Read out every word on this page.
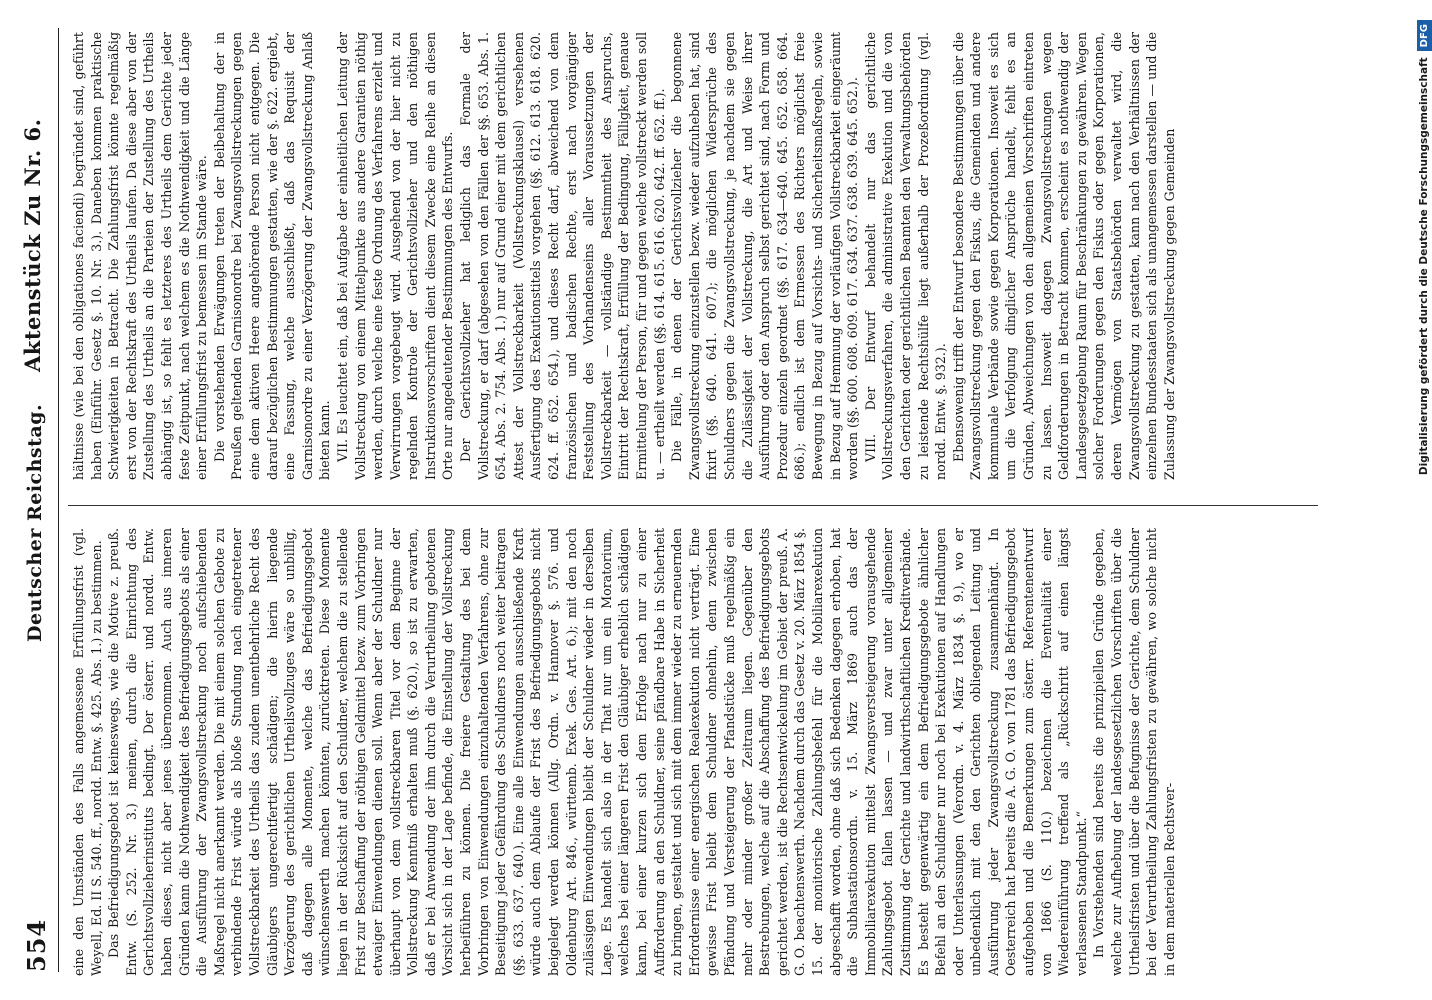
554
Deutscher Reichstag.
Aktenstück Zu Nr. 6.

eine den Umständen des Falls angemessene Erfüllungsfrist (vgl. Weyell, Ed. II S. 540. ff., nordd. Entw. §. 425. Abs. 1.) zu bestimmen. Das Befriedigungsgebot ist keineswegs, wie die Motive z. preuß. Entw. (S. 252. Nr. 3.) meinen, durch die Einrichtung des Gerichtsvollzieherinstituts bedingt. Der österr. und nordd. Entw. haben dieses, nicht aber jenes übernommen. Auch aus inneren Gründen kann die Nothwendigkeit des Befriedigungsgebots als einer die Ausführung der Zwangsvollstreckung noch aufschiebenden Maßregel nicht anerkannt werden. Die mit einem solchen Gebote zu verbindende Frist würde als bloße Stundung nach eingetretener Vollstreckbarkeit des Urtheils das zudem unentbehrliche Recht des Gläubigers ungerechtfertigt schädigen; die hierin liegende Verzögerung des gerichtlichen Urtheilsvollzuges wäre so unbillig, daß dagegen alle Momente, welche das Befriedigungsgebot wünschenswerth machen könnten, zurücktreten. Diese Momente liegen in der Rücksicht auf den Schuldner, welchem die zu stellende Frist zur Beschaffung der nöthigen Geldmittel bezw. zum Vorbringen etwaiger Einwendungen dienen soll. Wenn aber der Schuldner nur überhaupt von dem vollstreckbaren Titel vor dem Beginne der Vollstreckung Kenntniß erhalten muß (§. 620.), so ist zu erwarten, daß er bei Anwendung der ihm durch die Verurtheilung gebotenen Vorsicht sich in der Lage befinde, die Einstellung der Vollstreckung herbeiführen zu können. Die freiere Gestaltung des bei dem Vorbringen von Einwendungen einzuhaltenden Verfahrens, ohne zur Beseitigung jeder Gefährdung des Schuldners noch weiter beitragen (§§. 633. 637. 640.). Eine alle Einwendungen ausschließende Kraft würde auch dem Ablaufe der Frist des Befriedigungsgebots nicht beigelegt werden können (Allg. Ordn. v. Hannover §. 576. und Oldenburg Art. 846., württemb. Exek. Ges. Art. 6.); mit den noch zulässigen Einwendungen bleibt der Schuldner wieder in derselben Lage. Es handelt sich also in der That nur um ein Moratorium, welches bei einer längeren Frist den Gläubiger erheblich schädigen kann, bei einer kurzen sich dem Erfolge nach nur zu einer Aufforderung an den Schuldner, seine pfändbare Habe in Sicherheit zu bringen, gestaltet und sich mit dem immer wieder zu erneuernden Erfordernisse einer energischen Realexekution nicht verträgt. Eine gewisse Frist bleibt dem Schuldner ohnehin, denn zwischen Pfändung und Versteigerung der Pfandstücke muß regelmäßig ein mehr oder minder großer Zeitraum liegen. Gegenüber den Bestrebungen, welche auf die Abschaffung des Befriedigungsgebots gerichtet werden, ist die Rechtsentwickelung im Gebiet der preuß. A. G. O. beachtenswerth. Nachdem durch das Gesetz v. 20. März 1854 §. 15. der monitorische Zahlungsbefehl für die Mobiliarexekution abgeschafft worden, ohne daß sich Bedenken dagegen erhoben, hat die Subhastationsordn. v. 15. März 1869 auch das der Immobiliarexekution mittelst Zwangsversteigerung vorausgehende Zahlungsgebot fallen lassen — und zwar unter allgemeiner Zustimmung der Gerichte und landwirthschaftlichen Kreditverbände. Es besteht gegenwärtig ein dem Befriedigungsgebote ähnlicher Befehl an den Schuldner nur noch bei Exekutionen auf Handlungen oder Unterlassungen (Verordn. v. 4. März 1834 §. 9.), wo er unbedenklich mit den den Gerichten obliegenden Leitung und Ausführung jeder Zwangsvollstreckung zusammenhängt. In Oesterreich hat bereits die A. G. O. von 1781 das Befriedigungsgebot aufgehoben und die Bemerkungen zum österr. Referentenentwurf von 1866 (S. 110.) bezeichnen die Eventualität einer Wiedereinführung treffend als „Rückschritt auf einen längst verlassenen Standpunkt.“ In Vorstehenden sind bereits die prinzipiellen Gründe gegeben, welche zur Aufhebung der landesgesetzlichen Vorschriften über die Urtheilsfristen und über die Befugnisse der Gerichte, dem Schuldner bei der Verurtheilung Zahlungsfristen zu gewähren, wo solche nicht in dem materiellen Rechtsver-

hältnisse (wie bei den obligationes faciendi) begründet sind, geführt haben (Einführ. Gesetz §. 10. Nr. 3.). Daneben kommen praktische Schwierigkeiten in Betracht. Die Zahlungsfrist könnte regelmäßig erst von der Rechtskraft des Urtheils laufen. Da diese aber von der Zustellung des Urtheils an die Parteien der Zustellung des Urtheils abhängig ist, so fehlt es letzteres des Urtheils dem Gerichte jeder feste Zeitpunkt, nach welchem es die Nothwendigkeit und die Länge einer Erfüllungsfrist zu bemessen im Stande wäre. Die vorstehenden Erwägungen treten der Beibehaltung der in Preußen geltenden Garnisonordre bei Zwangsvollstreckungen gegen eine dem aktiven Heere angehörende Person nicht entgegen. Die darauf bezüglichen Bestimmungen gestatten, wie der §. 622. ergiebt, eine Fassung, welche ausschließt, daß das Requisit der Garnisonordre zu einer Verzögerung der Zwangsvollstreckung Anlaß bieten kann. VII. Es leuchtet ein, daß bei Aufgabe der einheitlichen Leitung der Vollstreckung von einem Mittelpunkte aus andere Garantien nöthig werden, durch welche eine feste Ordnung des Verfahrens erzielt und Verwirrungen vorgebeugt wird. Ausgehend von der hier nicht zu regelnden Kontrole der Gerichtsvollzieher und den nöthigen Instruktionsvorschriften dient diesem Zwecke eine Reihe an diesen Orte nur angedeutender Bestimmungen des Entwurfs. Der Gerichtsvollzieher hat lediglich das Formale der Vollstreckung, er darf (abgesehen von den Fällen der §§. 653. Abs. 1. 654. Abs. 2. 754. Abs. 1.) nur auf Grund einer mit dem gerichtlichen Attest der Vollstreckbarkeit (Vollstreckungsklausel) versehenen Ausfertigung des Exekutionstitels vorgehen (§§. 612. 613. 618. 620. 624. ff. 652. 654.), und dieses Recht darf, abweichend von dem französischen und badischen Rechte, erst nach vorgängiger Feststellung des Vorhandenseins aller Voraussetzungen der Vollstreckbarkeit — vollständige Bestimmtheit des Anspruchs, Eintritt der Rechtskraft, Erfüllung der Bedingung, Fälligkeit, genaue Ermittelung der Person, für und gegen welche vollstreckt werden soll u. — ertheilt werden (§§. 614. 615. 616. 620. 642. ff. 652. ff.). Die Fälle, in denen der Gerichtsvollzieher die begonnene Zwangsvollstreckung einzustellen bezw. wieder aufzuheben hat, sind fixirt (§§. 640. 641. 607.); die möglichen Widersprüche des Schuldners gegen die Zwangsvollstreckung, je nachdem sie gegen die Zulässigkeit der Vollstreckung, die Art und Weise ihrer Ausführung oder den Anspruch selbst gerichtet sind, nach Form und Prozedur einzeln geordnet (§§. 617. 634—640. 645. 652. 658. 664. 686.); endlich ist dem Ermessen des Richters möglichst freie Bewegung in Bezug auf Vorsichts- und Sicherheitsmaßregeln, sowie in Bezug auf Hemmung der vorläufigen Vollstreckbarkeit eingeräumt worden (§§. 600. 608. 609. 617. 634. 637. 638. 639. 645. 652.). VIII. Der Entwurf behandelt nur das gerichtliche Vollstreckungsverfahren, die administrative Exekution und die von den Gerichten oder gerichtlichen Beamten den Verwaltungsbehörden zu leistende Rechtshülfe liegt außerhalb der Prozeßordnung (vgl. nordd. Entw. §. 932.). Ebensowenig trifft der Entwurf besondere Bestimmungen über die Zwangsvollstreckung gegen den Fiskus, die Gemeinden und andere kommunale Verbände sowie gegen Korporationen. Insoweit es sich um die Verfolgung dinglicher Ansprüche handelt, fehlt es an Gründen, Abweichungen von den allgemeinen Vorschriften eintreten zu lassen. Insoweit dagegen Zwangsvollstreckungen wegen Geldforderungen in Betracht kommen, erscheint es nothwendig der Landesgesetzgebung Raum für Beschränkungen zu gewähren. Wegen solcher Forderungen gegen den Fiskus oder gegen Korporationen, deren Vermögen von Staatsbehörden verwaltet wird, die Zwangsvollstreckung zu gestatten, kann nach den Verhältnissen der einzelnen Bundesstaaten sich als unangemessen darstellen — und die Zulassung der Zwangsvollstreckung gegen Gemeinden	Digitalisierung gefördert durch die Deutsche ForschungsgemeinschaftDFG
